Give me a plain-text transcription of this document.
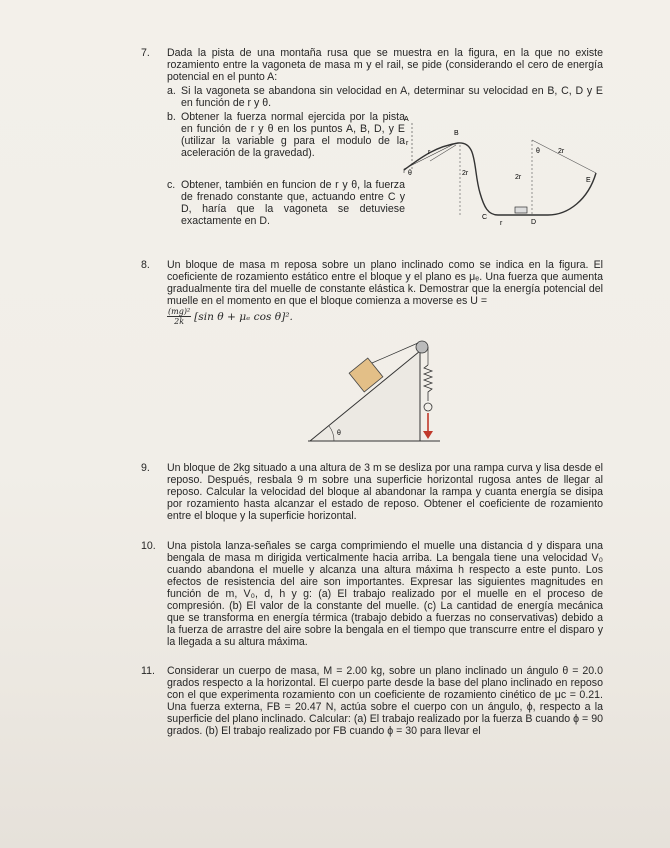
7.	Dada la pista de una montaña rusa que se muestra en la figura, en la que no existe rozamiento entre la vagoneta de masa m y el rail, se pide (considerando el cero de energía potencial en el punto A:
a. Si la vagoneta se abandona sin velocidad en A, determinar su velocidad en B, C, D y E en función de r y θ.
b. Obtener la fuerza normal ejercida por la pista en función de r y θ en los puntos A, B, D, y E (utilizar la variable g para el modulo de la aceleración de la gravedad).
c. Obtener, también en funcion de r y θ, la fuerza de frenado constante que, actuando entre C y D, haría que la vagoneta se detuviese exactamente en D.
A
B
C
D
E
r
r
r
θ
θ
2r
2r
2r
8.	Un bloque de masa m reposa sobre un plano inclinado como se indica en la figura. El coeficiente de rozamiento estático entre el bloque y el plano es μₑ. Una fuerza que aumenta gradualmente tira del muelle de constante elástica k. Demostrar que la energía potencial del muelle en el momento en que el bloque comienza a moverse es U =
$\frac{\text{(mg)²}}{2k} [\sin$ θ + μₑ cos θ]².
θ
9.	Un bloque de 2kg situado a una altura de 3 m se desliza por una rampa curva y lisa desde el reposo. Después, resbala 9 m sobre una superficie horizontal rugosa antes de llegar al reposo. Calcular la velocidad del bloque al abandonar la rampa y cuanta energía se disipa por rozamiento hasta alcanzar el estado de reposo. Obtener el coeficiente de rozamiento entre el bloque y la superficie horizontal.
10.	Una pistola lanza-señales se carga comprimiendo el muelle una distancia d y dispara una bengala de masa m dirigida verticalmente hacia arriba. La bengala tiene una velocidad V₀ cuando abandona el muelle y alcanza una altura máxima h respecto a este punto. Los efectos de resistencia del aire son importantes. Expresar las siguientes magnitudes en función de m, V₀, d, h y g: (a) El trabajo realizado por el muelle en el proceso de compresión. (b) El valor de la constante del muelle. (c) La cantidad de energía mecánica que se transforma en energía térmica (trabajo debido a fuerzas no conservativas) debido a la fuerza de arrastre del aire sobre la bengala en el tiempo que transcurre entre el disparo y la llegada a su altura máxima.
11.	Considerar un cuerpo de masa, M = 2.00 kg, sobre un plano inclinado un ángulo θ = 20.0 grados respecto a la horizontal. El cuerpo parte desde la base del plano inclinado en reposo con el que experimenta rozamiento con un coeficiente de rozamiento cinético de μc = 0.21. Una fuerza externa, FB = 20.47 N, actúa sobre el cuerpo con un ángulo, ϕ, respecto a la superficie del plano inclinado. Calcular: (a) El trabajo realizado por la fuerza B cuando ϕ = 90 grados. (b) El trabajo realizado por FB cuando ϕ = 30 para llevar el
